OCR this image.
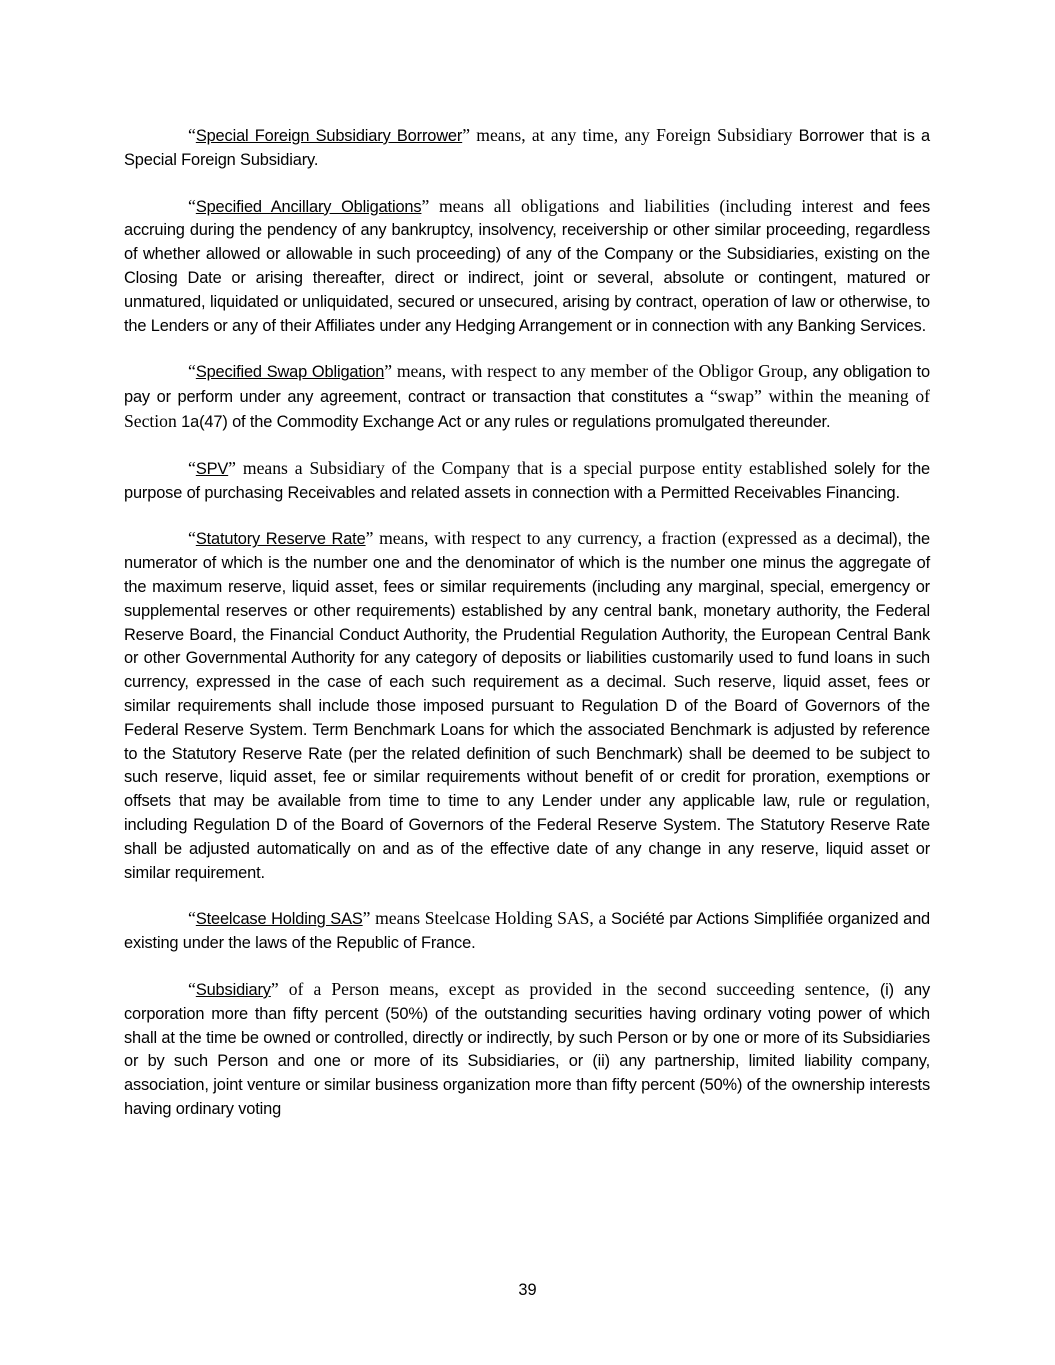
“Special Foreign Subsidiary Borrower” means, at any time, any Foreign Subsidiary Borrower that is a Special Foreign Subsidiary.

“Specified Ancillary Obligations” means all obligations and liabilities (including interest and fees accruing during the pendency of any bankruptcy, insolvency, receivership or other similar proceeding, regardless of whether allowed or allowable in such proceeding) of any of the Company or the Subsidiaries, existing on the Closing Date or arising thereafter, direct or indirect, joint or several, absolute or contingent, matured or unmatured, liquidated or unliquidated, secured or unsecured, arising by contract, operation of law or otherwise, to the Lenders or any of their Affiliates under any Hedging Arrangement or in connection with any Banking Services.

“Specified Swap Obligation” means, with respect to any member of the Obligor Group, any obligation to pay or perform under any agreement, contract or transaction that constitutes a “swap” within the meaning of Section 1a(47) of the Commodity Exchange Act or any rules or regulations promulgated thereunder.

“SPV” means a Subsidiary of the Company that is a special purpose entity established solely for the purpose of purchasing Receivables and related assets in connection with a Permitted Receivables Financing.

“Statutory Reserve Rate” means, with respect to any currency, a fraction (expressed as a decimal), the numerator of which is the number one and the denominator of which is the number one minus the aggregate of the maximum reserve, liquid asset, fees or similar requirements (including any marginal, special, emergency or supplemental reserves or other requirements) established by any central bank, monetary authority, the Federal Reserve Board, the Financial Conduct Authority, the Prudential Regulation Authority, the European Central Bank or other Governmental Authority for any category of deposits or liabilities customarily used to fund loans in such currency, expressed in the case of each such requirement as a decimal. Such reserve, liquid asset, fees or similar requirements shall include those imposed pursuant to Regulation D of the Board of Governors of the Federal Reserve System. Term Benchmark Loans for which the associated Benchmark is adjusted by reference to the Statutory Reserve Rate (per the related definition of such Benchmark) shall be deemed to be subject to such reserve, liquid asset, fee or similar requirements without benefit of or credit for proration, exemptions or offsets that may be available from time to time to any Lender under any applicable law, rule or regulation, including Regulation D of the Board of Governors of the Federal Reserve System. The Statutory Reserve Rate shall be adjusted automatically on and as of the effective date of any change in any reserve, liquid asset or similar requirement.

“Steelcase Holding SAS” means Steelcase Holding SAS, a Société par Actions Simplifiée organized and existing under the laws of the Republic of France.

“Subsidiary” of a Person means, except as provided in the second succeeding sentence, (i) any corporation more than fifty percent (50%) of the outstanding securities having ordinary voting power of which shall at the time be owned or controlled, directly or indirectly, by such Person or by one or more of its Subsidiaries or by such Person and one or more of its Subsidiaries, or (ii) any partnership, limited liability company, association, joint venture or similar business organization more than fifty percent (50%) of the ownership interests having ordinary voting

39
